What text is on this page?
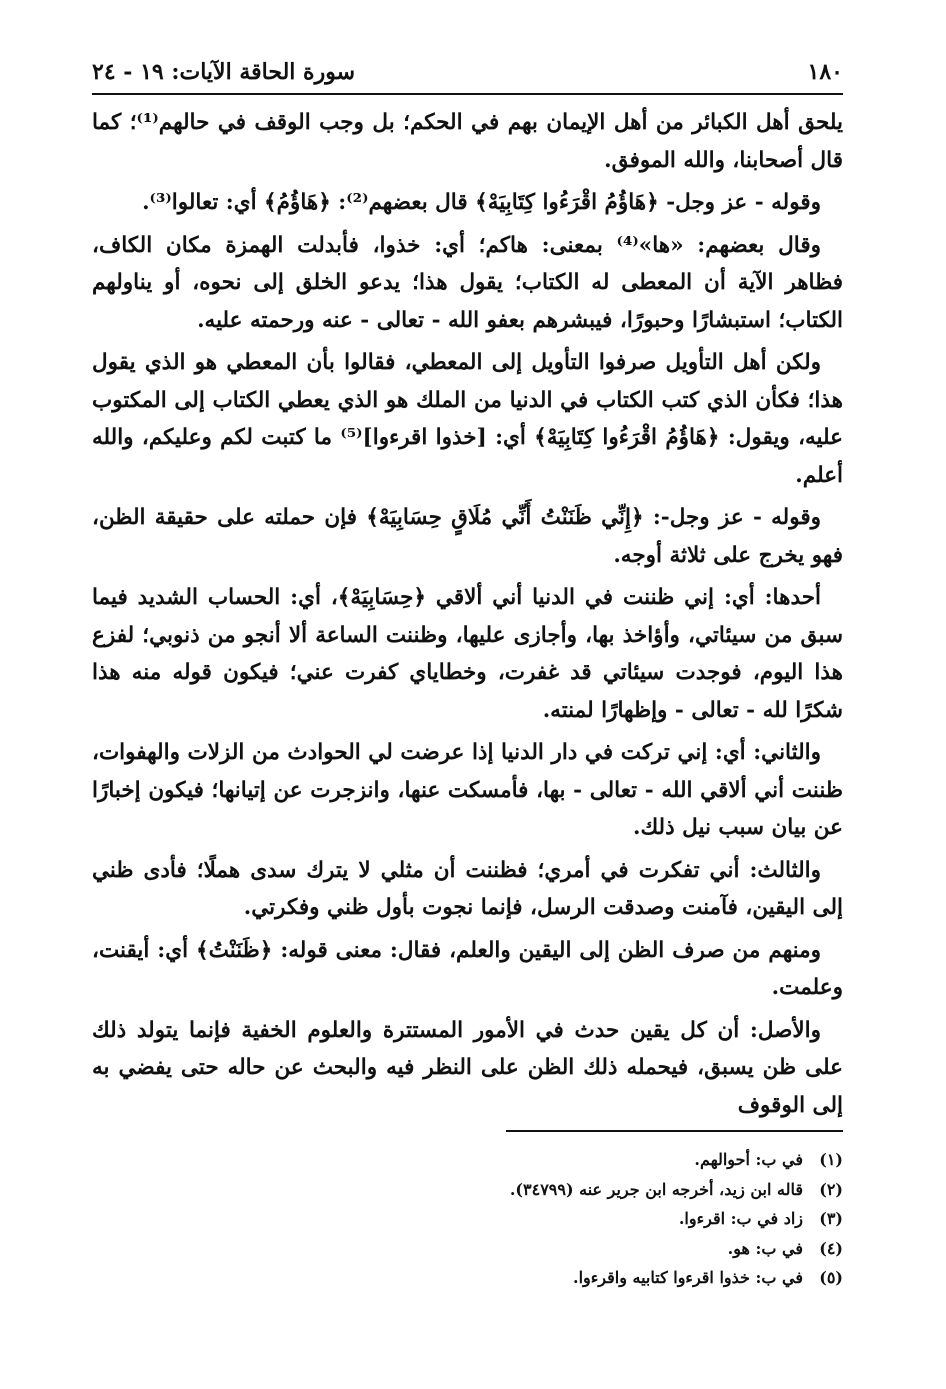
١٨٠
سورة الحاقة الآيات: ١٩ - ٢٤

يلحق أهل الكبائر من أهل الإيمان بهم في الحكم؛ بل وجب الوقف في حالهم⁽¹⁾؛ كما قال أصحابنا، والله الموفق.

وقوله - عز وجل- ﴿هَاؤُمُ اقْرَءُوا كِتَابِيَهْ﴾ قال بعضهم⁽²⁾: ﴿هَاؤُمُ﴾ أي: تعالوا⁽³⁾.

وقال بعضهم: «ها»⁽⁴⁾ بمعنى: هاكم؛ أي: خذوا، فأبدلت الهمزة مكان الكاف، فظاهر الآية أن المعطى له الكتاب؛ يقول هذا؛ يدعو الخلق إلى نحوه، أو يناولهم الكتاب؛ استبشارًا وحبورًا، فيبشرهم بعفو الله - تعالى - عنه ورحمته عليه.

ولكن أهل التأويل صرفوا التأويل إلى المعطي، فقالوا بأن المعطي هو الذي يقول هذا؛ فكأن الذي كتب الكتاب في الدنيا من الملك هو الذي يعطي الكتاب إلى المكتوب عليه، ويقول: ﴿هَاؤُمُ اقْرَءُوا كِتَابِيَهْ﴾ أي: [خذوا اقرءوا]⁽⁵⁾ ما كتبت لكم وعليكم، والله أعلم.

وقوله - عز وجل-: ﴿إِنِّي ظَنَنْتُ أَنِّي مُلَاقٍ حِسَابِيَهْ﴾ فإن حملته على حقيقة الظن، فهو يخرج على ثلاثة أوجه.

أحدها: أي: إني ظننت في الدنيا أني ألاقي ﴿حِسَابِيَهْ﴾، أي: الحساب الشديد فيما سبق من سيئاتي، وأؤاخذ بها، وأجازى عليها، وظننت الساعة ألا أنجو من ذنوبي؛ لفزع هذا اليوم، فوجدت سيئاتي قد غفرت، وخطاياي كفرت عني؛ فيكون قوله منه هذا شكرًا لله - تعالى - وإظهارًا لمنته.

والثاني: أي: إني تركت في دار الدنيا إذا عرضت لي الحوادث من الزلات والهفوات، ظننت أني ألاقي الله - تعالى - بها، فأمسكت عنها، وانزجرت عن إتيانها؛ فيكون إخبارًا عن بيان سبب نيل ذلك.

والثالث: أني تفكرت في أمري؛ فظننت أن مثلي لا يترك سدى هملًا؛ فأدى ظني إلى اليقين، فآمنت وصدقت الرسل، فإنما نجوت بأول ظني وفكرتي.

ومنهم من صرف الظن إلى اليقين والعلم، فقال: معنى قوله: ﴿ظَنَنْتُ﴾ أي: أيقنت، وعلمت.

والأصل: أن كل يقين حدث في الأمور المستترة والعلوم الخفية فإنما يتولد ذلك على ظن يسبق، فيحمله ذلك الظن على النظر فيه والبحث عن حاله حتى يفضي به إلى الوقوف

(١)
في ب: أحوالهم.
(٢)
قاله ابن زيد، أخرجه ابن جرير عنه (٣٤٧٩٩).
(٣)
زاد في ب: اقرءوا.
(٤)
في ب: هو.
(٥)
في ب: خذوا اقرءوا كتابيه واقرءوا.
